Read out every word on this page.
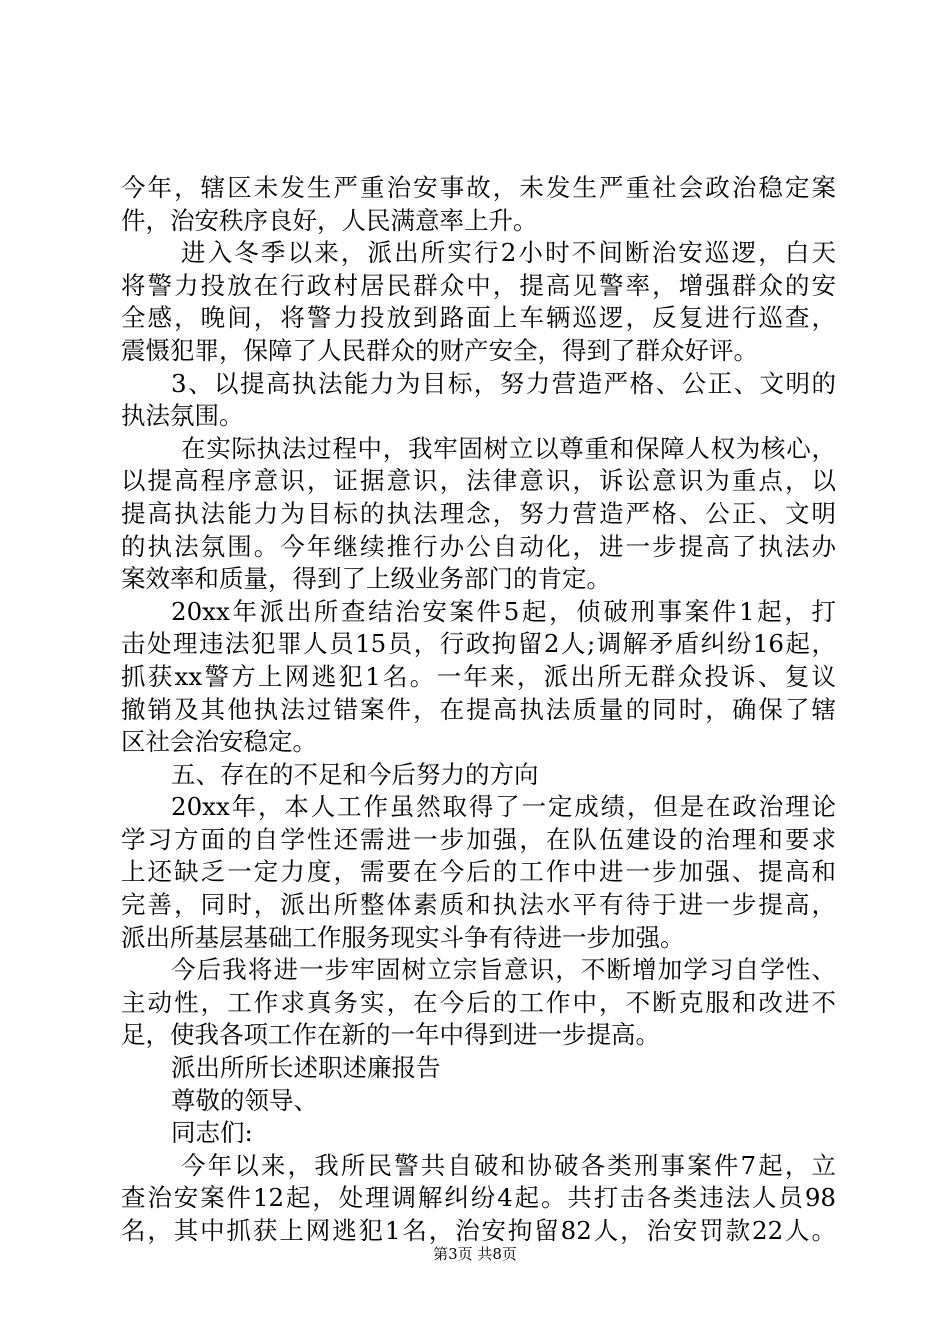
今年，辖区未发生严重治安事故，未发生严重社会政治稳定案
件，治安秩序良好，人民满意率上升。
进入冬季以来，派出所实行2小时不间断治安巡逻，白天
将警力投放在行政村居民群众中，提高见警率，增强群众的安
全感，晚间，将警力投放到路面上车辆巡逻，反复进行巡查，
震慑犯罪，保障了人民群众的财产安全，得到了群众好评。
3、以提高执法能力为目标，努力营造严格、公正、文明的
执法氛围。
在实际执法过程中，我牢固树立以尊重和保障人权为核心，
以提高程序意识，证据意识，法律意识，诉讼意识为重点，以
提高执法能力为目标的执法理念，努力营造严格、公正、文明
的执法氛围。今年继续推行办公自动化，进一步提高了执法办
案效率和质量，得到了上级业务部门的肯定。
20xx年派出所查结治安案件5起，侦破刑事案件1起，打
击处理违法犯罪人员15员，行政拘留2人;调解矛盾纠纷16起，
抓获xx警方上网逃犯1名。一年来，派出所无群众投诉、复议
撤销及其他执法过错案件，在提高执法质量的同时，确保了辖
区社会治安稳定。
五、存在的不足和今后努力的方向
20xx年，本人工作虽然取得了一定成绩，但是在政治理论
学习方面的自学性还需进一步加强，在队伍建设的治理和要求
上还缺乏一定力度，需要在今后的工作中进一步加强、提高和
完善，同时，派出所整体素质和执法水平有待于进一步提高，
派出所基层基础工作服务现实斗争有待进一步加强。
今后我将进一步牢固树立宗旨意识，不断增加学习自学性、
主动性，工作求真务实，在今后的工作中，不断克服和改进不
足，使我各项工作在新的一年中得到进一步提高。
派出所所长述职述廉报告
尊敬的领导、
同志们:
今年以来，我所民警共自破和协破各类刑事案件7起，立
查治安案件12起，处理调解纠纷4起。共打击各类违法人员98
名，其中抓获上网逃犯1名，治安拘留82人，治安罚款22人。
第3页 共8页
